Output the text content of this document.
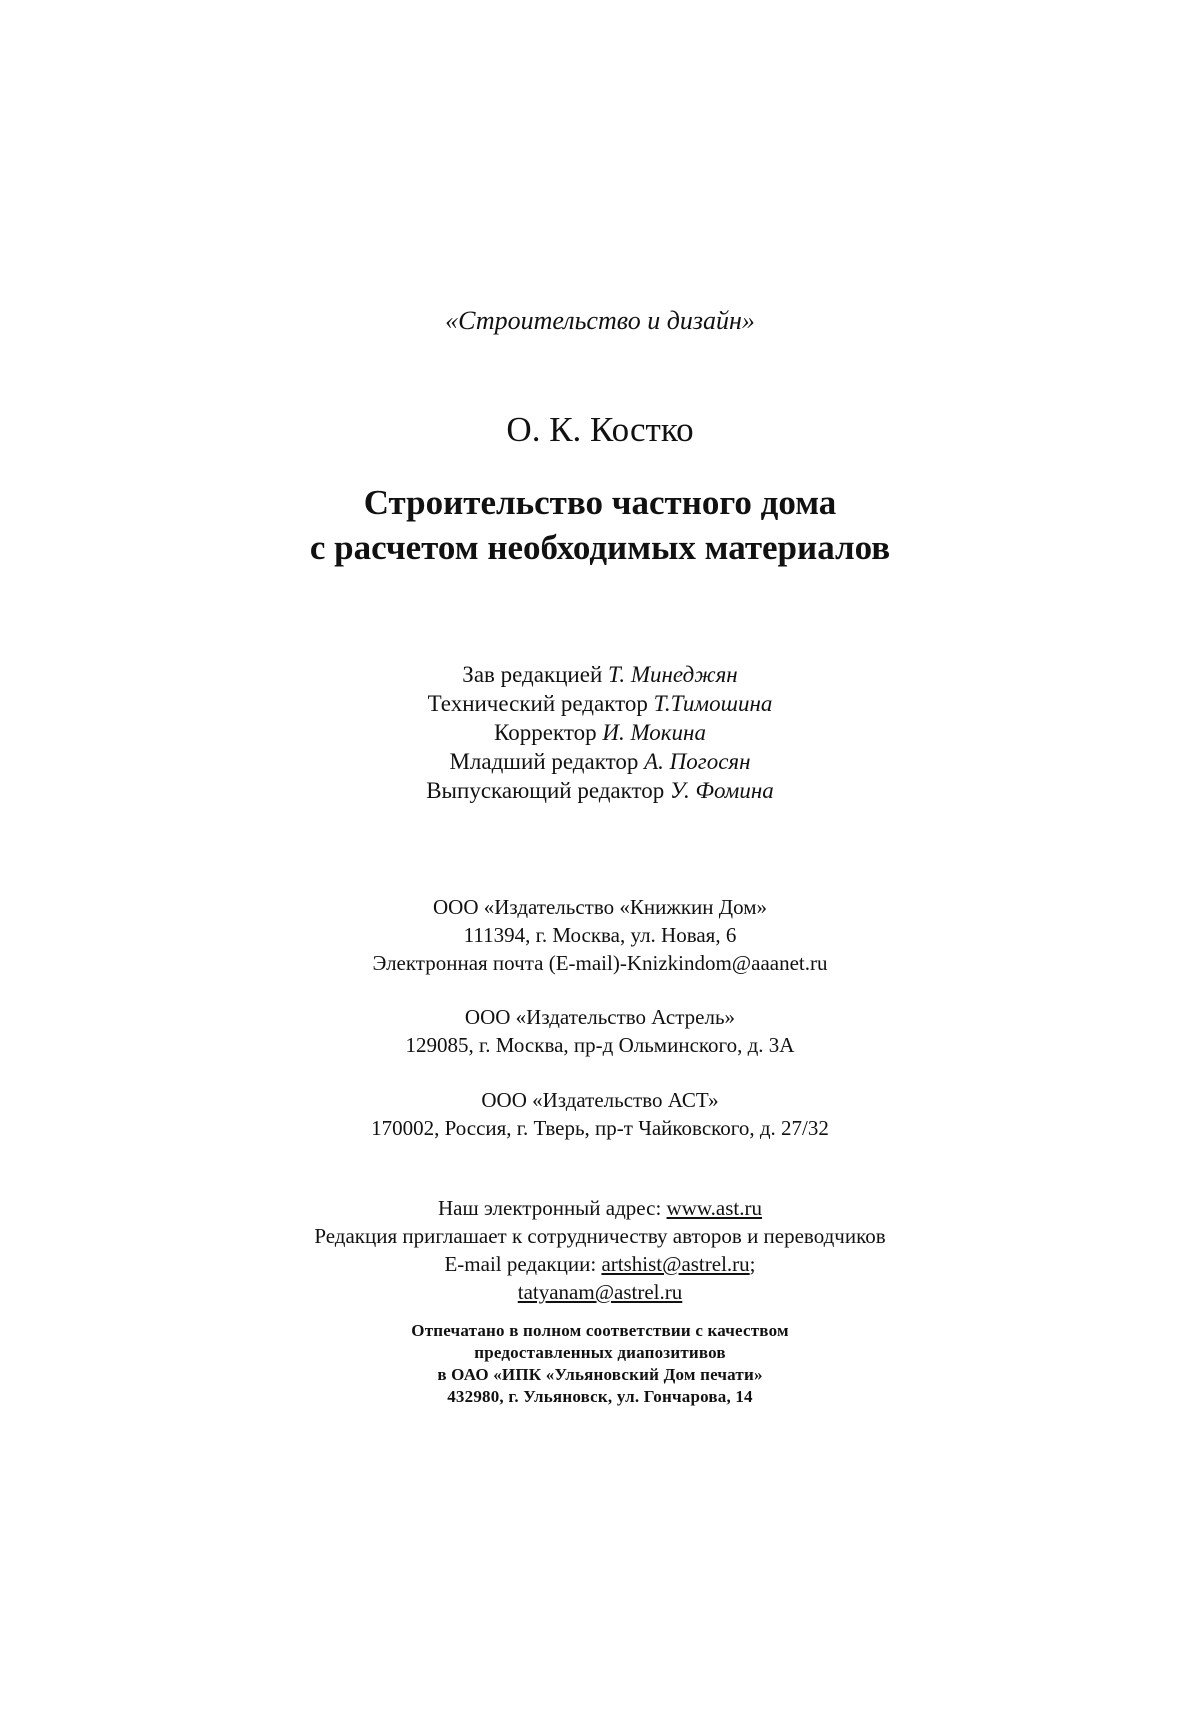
«Строительство и дизайн»
О. К. Костко
Строительство частного дома
с расчетом необходимых материалов
Зав редакцией Т. Минеджян
Технический редактор Т.Тимошина
Корректор И. Мокина
Младший редактор А. Погосян
Выпускающий редактор У. Фомина
ООО «Издательство «Книжкин Дом»
111394, г. Москва, ул. Новая, 6
Электронная почта (E-mail)-Knizkindom@aaanet.ru
ООО «Издательство Астрель»
129085, г. Москва, пр-д Ольминского, д. 3А
ООО «Издательство АСТ»
170002, Россия, г. Тверь, пр-т Чайковского, д. 27/32
Наш электронный адрес: www.ast.ru
Редакция приглашает к сотрудничеству авторов и переводчиков
E-mail редакции: artshist@astrel.ru;
tatyanam@astrel.ru
Отпечатано в полном соответствии с качеством
предоставленных диапозитивов
в ОАО «ИПК «Ульяновский Дом печати»
432980, г. Ульяновск, ул. Гончарова, 14
